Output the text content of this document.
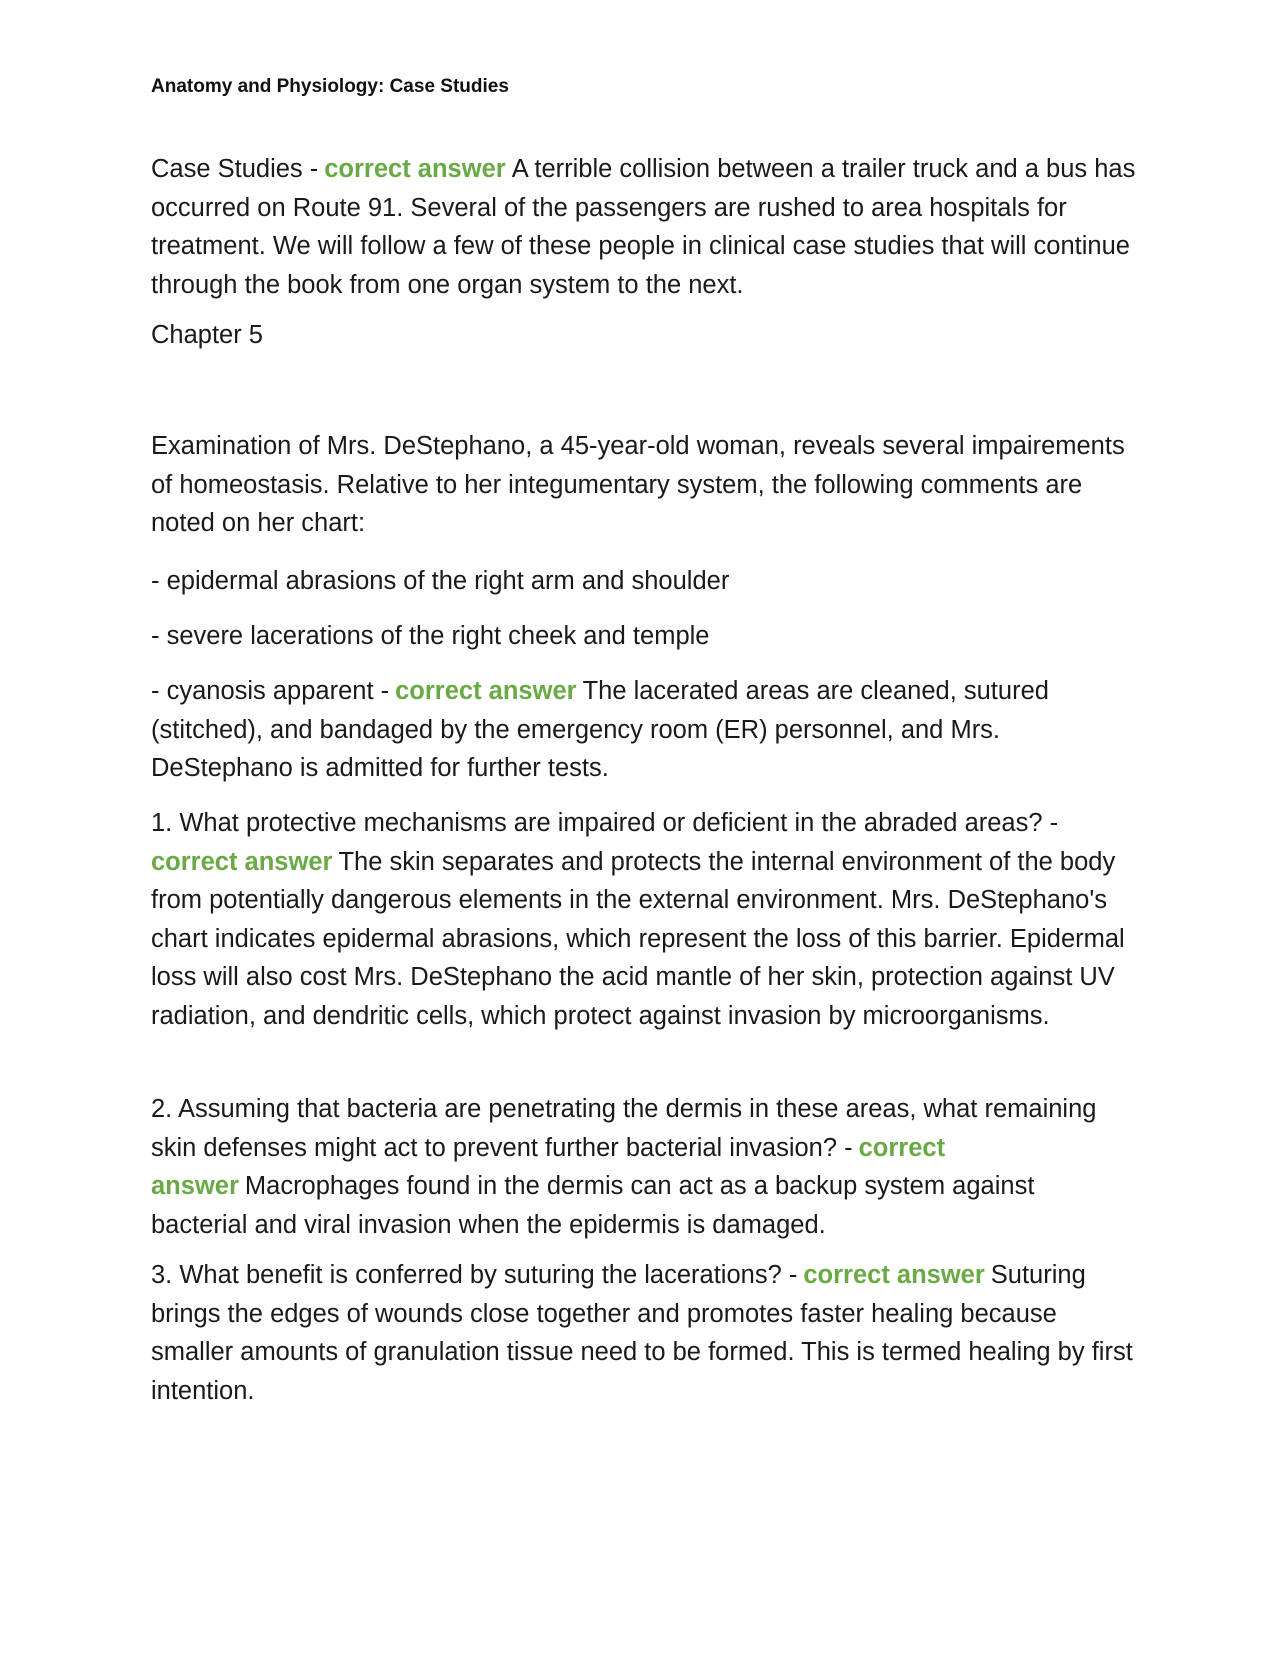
Anatomy and Physiology: Case Studies

Case Studies - correct answer A terrible collision between a trailer truck and a bus has occurred on Route 91. Several of the passengers are rushed to area hospitals for treatment. We will follow a few of these people in clinical case studies that will continue through the book from one organ system to the next.

Chapter 5

Examination of Mrs. DeStephano, a 45-year-old woman, reveals several impairements of homeostasis. Relative to her integumentary system, the following comments are noted on her chart:

- epidermal abrasions of the right arm and shoulder

- severe lacerations of the right cheek and temple

- cyanosis apparent - correct answer The lacerated areas are cleaned, sutured (stitched), and bandaged by the emergency room (ER) personnel, and Mrs. DeStephano is admitted for further tests.

1. What protective mechanisms are impaired or deficient in the abraded areas? - correct answer The skin separates and protects the internal environment of the body from potentially dangerous elements in the external environment. Mrs. DeStephano's chart indicates epidermal abrasions, which represent the loss of this barrier. Epidermal loss will also cost Mrs. DeStephano the acid mantle of her skin, protection against UV radiation, and dendritic cells, which protect against invasion by microorganisms.

2. Assuming that bacteria are penetrating the dermis in these areas, what remaining skin defenses might act to prevent further bacterial invasion? - correct answer Macrophages found in the dermis can act as a backup system against bacterial and viral invasion when the epidermis is damaged.

3. What benefit is conferred by suturing the lacerations? - correct answer Suturing brings the edges of wounds close together and promotes faster healing because smaller amounts of granulation tissue need to be formed. This is termed healing by first intention.
